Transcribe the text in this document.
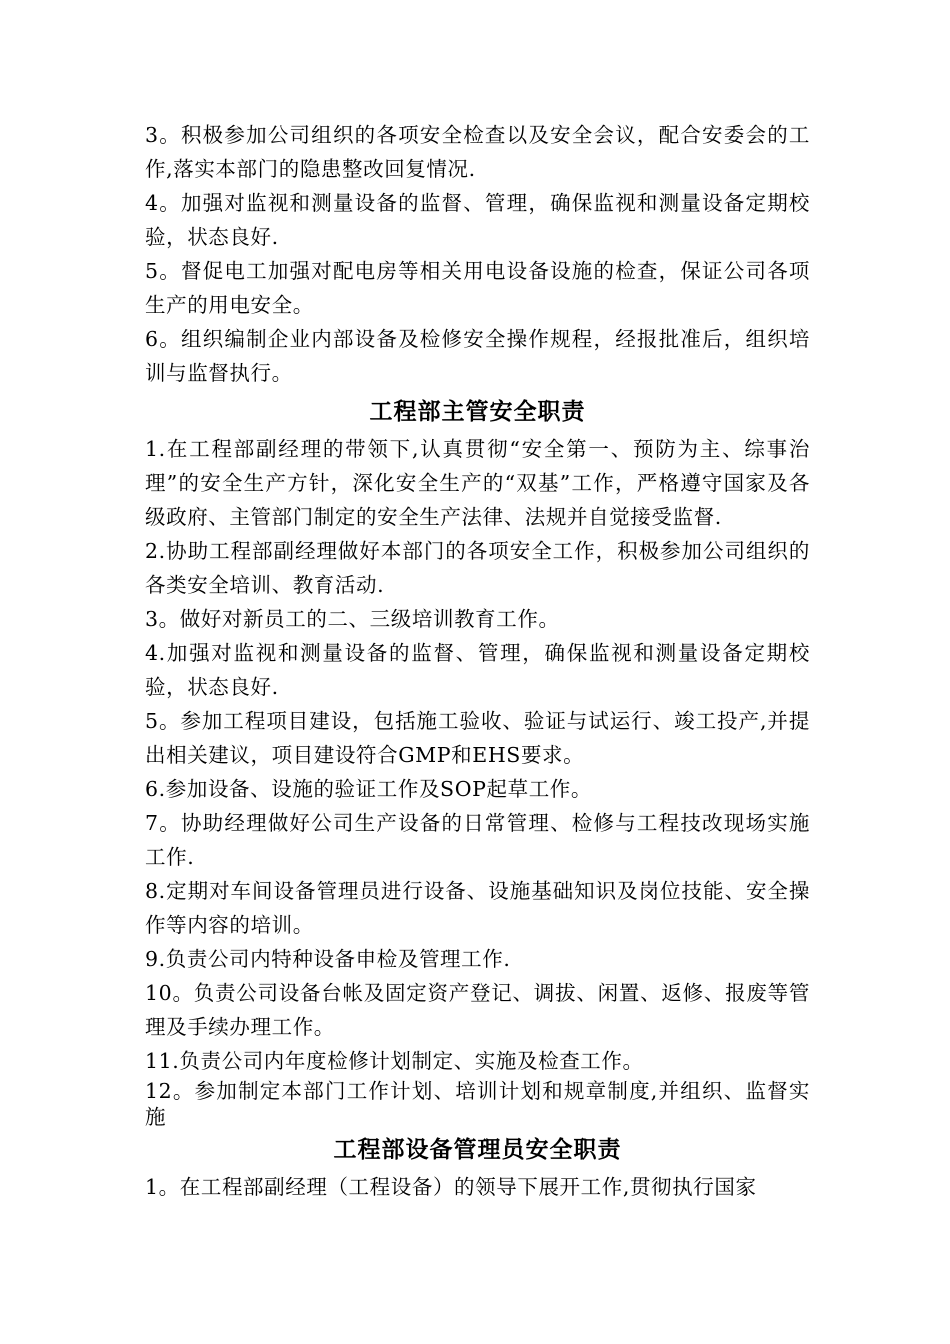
3。积极参加公司组织的各项安全检查以及安全会议，配合安委会的工作,落实本部门的隐患整改回复情况.

4。加强对监视和测量设备的监督、管理，确保监视和测量设备定期校验，状态良好.

5。督促电工加强对配电房等相关用电设备设施的检查，保证公司各项生产的用电安全。

6。组织编制企业内部设备及检修安全操作规程，经报批准后，组织培训与监督执行。

工程部主管安全职责

1.在工程部副经理的带领下,认真贯彻“安全第一、预防为主、综事治理”的安全生产方针，深化安全生产的“双基”工作，严格遵守国家及各级政府、主管部门制定的安全生产法律、法规并自觉接受监督.

2.协助工程部副经理做好本部门的各项安全工作，积极参加公司组织的各类安全培训、教育活动.

3。做好对新员工的二、三级培训教育工作。

4.加强对监视和测量设备的监督、管理，确保监视和测量设备定期校验，状态良好.

5。参加工程项目建设，包括施工验收、验证与试运行、竣工投产,并提出相关建议，项目建设符合GMP和EHS要求。

6.参加设备、设施的验证工作及SOP起草工作。

7。协助经理做好公司生产设备的日常管理、检修与工程技改现场实施工作.

8.定期对车间设备管理员进行设备、设施基础知识及岗位技能、安全操作等内容的培训。

9.负责公司内特种设备申检及管理工作.

10。负责公司设备台帐及固定资产登记、调拔、闲置、返修、报废等管理及手续办理工作。

11.负责公司内年度检修计划制定、实施及检查工作。

12。参加制定本部门工作计划、培训计划和规章制度,并组织、监督实施

工程部设备管理员安全职责

1。在工程部副经理（工程设备）的领导下展开工作,贯彻执行国家
